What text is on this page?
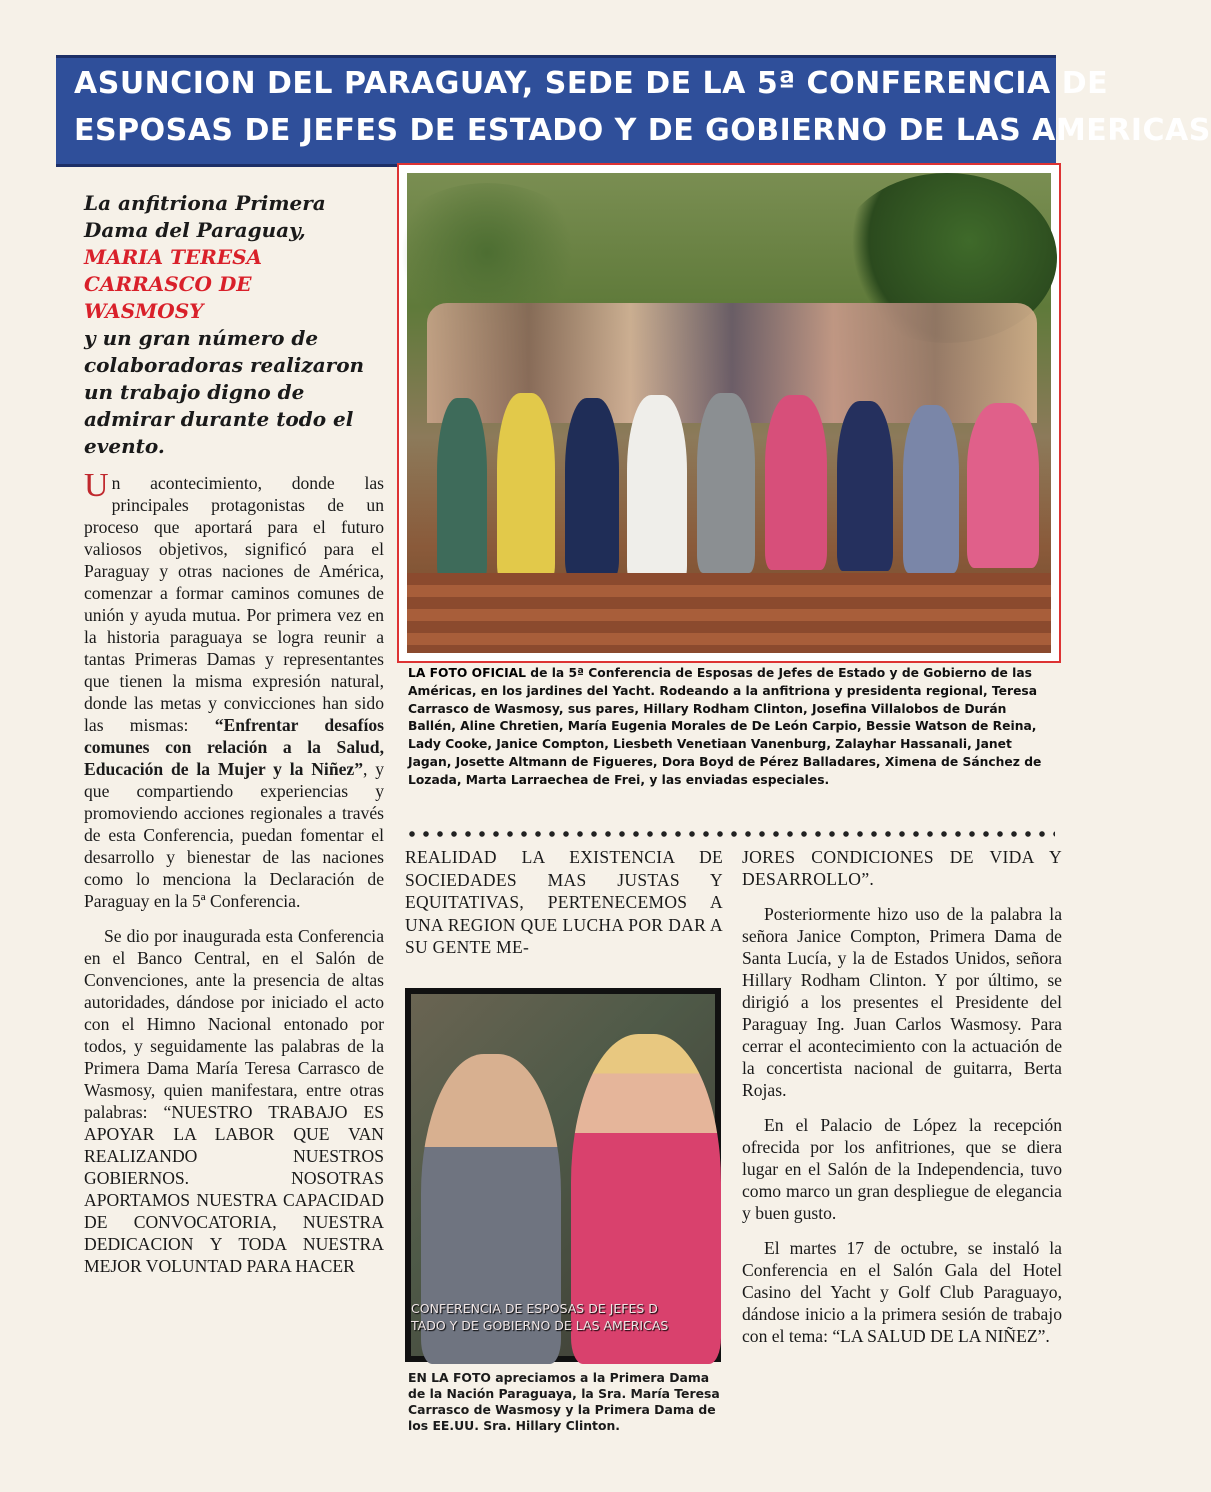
ASUNCION DEL PARAGUAY, SEDE DE LA 5ª CONFERENCIA DE
ESPOSAS DE JEFES DE ESTADO Y DE GOBIERNO DE LAS AMERICAS
La anfitriona Primera Dama del Paraguay,
MARIA TERESA CARRASCO DE WASMOSY
y un gran número de colaboradoras realizaron un trabajo digno de admirar durante todo el evento.

Un acontecimiento, donde las principales protagonistas de un proceso que aportará para el futuro valiosos objetivos, significó para el Paraguay y otras naciones de América, comenzar a formar caminos comunes de unión y ayuda mutua. Por primera vez en la historia paraguaya se logra reunir a tantas Primeras Damas y representantes que tienen la misma expresión natural, donde las metas y convicciones han sido las mismas: “Enfrentar desafíos comunes con relación a la Salud, Educación de la Mujer y la Niñez”, y que compartiendo experiencias y promoviendo acciones regionales a través de esta Conferencia, puedan fomentar el desarrollo y bienestar de las naciones como lo menciona la Declaración de Paraguay en la 5ª Conferencia.

Se dio por inaugurada esta Conferencia en el Banco Central, en el Salón de Convenciones, ante la presencia de altas autoridades, dándose por iniciado el acto con el Himno Nacional entonado por todos, y seguidamente las palabras de la Primera Dama María Teresa Carrasco de Wasmosy, quien manifestara, entre otras palabras: “NUESTRO TRABAJO ES APOYAR LA LABOR QUE VAN REALIZANDO NUESTROS GOBIERNOS. NOSOTRAS APORTAMOS NUESTRA CAPACIDAD DE CONVOCATORIA, NUESTRA DEDICACION Y TODA NUESTRA MEJOR VOLUNTAD PARA HACER

LA FOTO OFICIAL de la 5ª Conferencia de Esposas de Jefes de Estado y de Gobierno de las Américas, en los jardines del Yacht. Rodeando a la anfitriona y presidenta regional, Teresa Carrasco de Wasmosy, sus pares, Hillary Rodham Clinton, Josefina Villalobos de Durán Ballén, Aline Chretien, María Eugenia Morales de De León Carpio, Bessie Watson de Reina, Lady Cooke, Janice Compton, Liesbeth Venetiaan Vanenburg, Zalayhar Hassanali, Janet Jagan, Josette Altmann de Figueres, Dora Boyd de Pérez Balladares, Ximena de Sánchez de Lozada, Marta Larraechea de Frei, y las enviadas especiales.
REALIDAD LA EXISTENCIA DE SOCIEDADES MAS JUSTAS Y EQUITATIVAS, PERTENECEMOS A UNA REGION QUE LUCHA POR DAR A SU GENTE ME-
CONFERENCIA DE ESPOSAS DE JEFES D
TADO Y DE GOBIERNO DE LAS AMERICAS
EN LA FOTO apreciamos a la Primera Dama de la Nación Paraguaya, la Sra. María Teresa Carrasco de Wasmosy y la Primera Dama de los EE.UU. Sra. Hillary Clinton.

JORES CONDICIONES DE VIDA Y DESARROLLO”.

Posteriormente hizo uso de la palabra la señora Janice Compton, Primera Dama de Santa Lucía, y la de Estados Unidos, señora Hillary Rodham Clinton. Y por último, se dirigió a los presentes el Presidente del Paraguay Ing. Juan Carlos Wasmosy. Para cerrar el acontecimiento con la actuación de la concertista nacional de guitarra, Berta Rojas.

En el Palacio de López la recepción ofrecida por los anfitriones, que se diera lugar en el Salón de la Independencia, tuvo como marco un gran despliegue de elegancia y buen gusto.

El martes 17 de octubre, se instaló la Conferencia en el Salón Gala del Hotel Casino del Yacht y Golf Club Paraguayo, dándose inicio a la primera sesión de trabajo con el tema: “LA SALUD DE LA NIÑEZ”.
